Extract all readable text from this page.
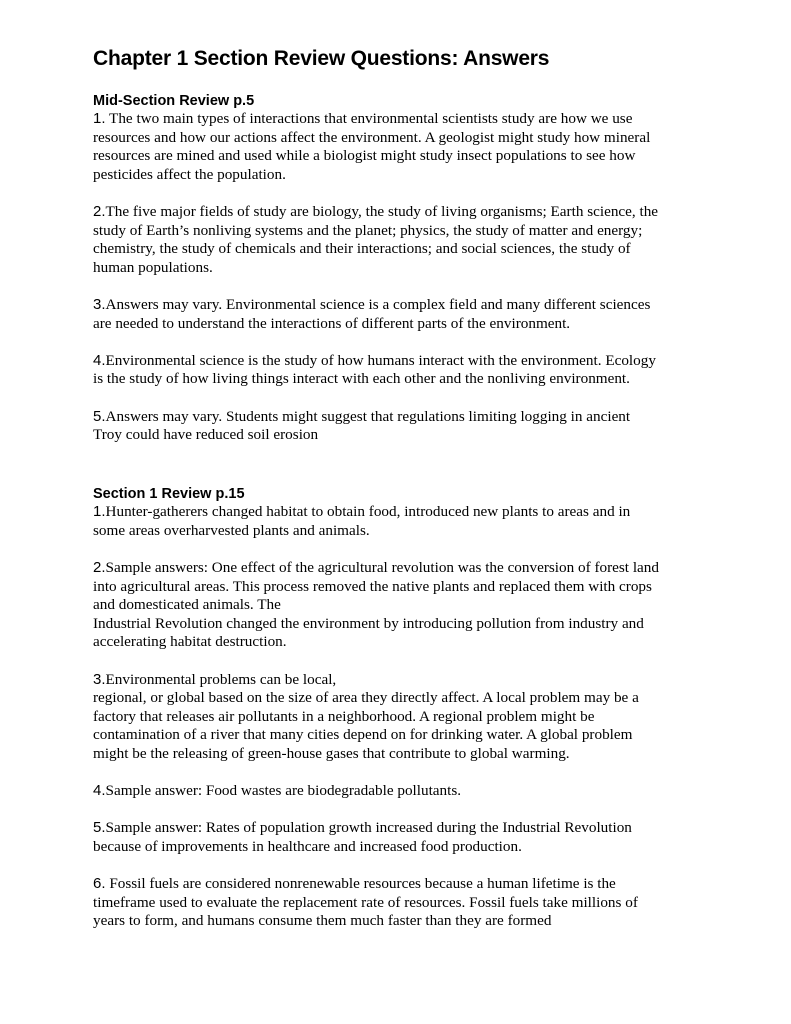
Chapter 1 Section Review Questions: Answers
Mid-Section Review p.5

1. The two main types of interactions that environmental scientists study are how we use
resources and how our actions affect the environment. A geologist might study how mineral
resources are mined and used while a biologist might study insect populations to see how
pesticides affect the population.

2.The five major fields of study are biology, the study of living organisms; Earth science, the
study of Earth’s nonliving systems and the planet; physics, the study of matter and energy;
chemistry, the study of chemicals and their interactions; and social sciences, the study of
human populations.

3.Answers may vary. Environmental science is a complex field and many different sciences
are needed to understand the interactions of different parts of the environment.

4.Environmental science is the study of how humans interact with the environment. Ecology
is the study of how living things interact with each other and the nonliving environment.

5.Answers may vary. Students might suggest that regulations limiting logging in ancient
Troy could have reduced soil erosion

Section 1 Review p.15

1.Hunter-gatherers changed habitat to obtain food, introduced new plants to areas and in
some areas overharvested plants and animals.

2.Sample answers: One effect of the agricultural revolution was the conversion of forest land
into agricultural areas. This process removed the native plants and replaced them with crops
and domesticated animals. The
Industrial Revolution changed the environment by introducing pollution from industry and
accelerating habitat destruction.

3.Environmental problems can be local,
regional, or global based on the size of area they directly affect. A local problem may be a
factory that releases air pollutants in a neighborhood. A regional problem might be
contamination of a river that many cities depend on for drinking water. A global problem
might be the releasing of green-house gases that contribute to global warming.

4.Sample answer: Food wastes are biodegradable pollutants.

5.Sample answer: Rates of population growth increased during the Industrial Revolution
because of improvements in healthcare and increased food production.

6. Fossil fuels are considered nonrenewable resources because a human lifetime is the
timeframe used to evaluate the replacement rate of resources. Fossil fuels take millions of
years to form, and humans consume them much faster than they are formed
